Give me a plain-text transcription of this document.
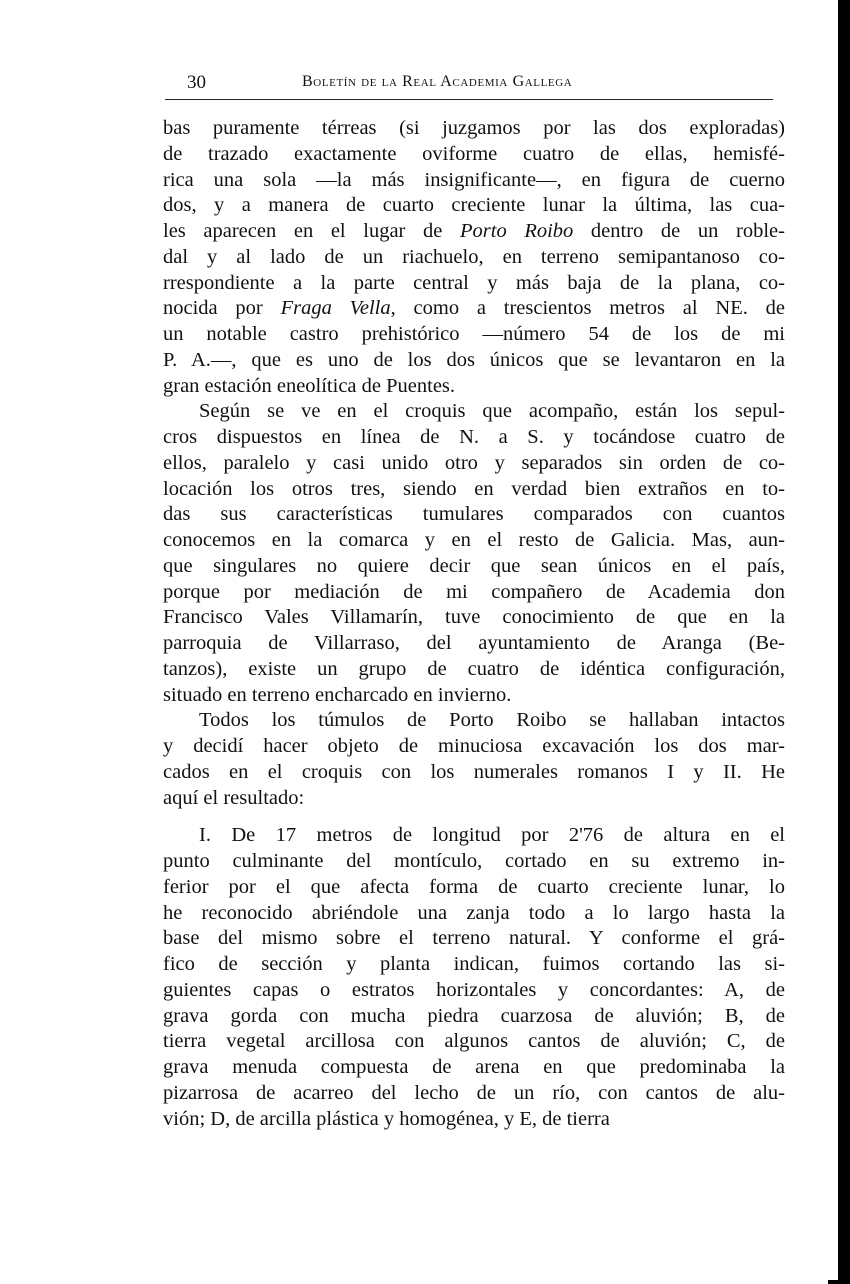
30	Boletín de la Real Academia Gallega
bas puramente térreas (si juzgamos por las dos exploradas)
de trazado exactamente oviforme cuatro de ellas, hemisfé-
rica una sola —la más insignificante—, en figura de cuerno
dos, y a manera de cuarto creciente lunar la última, las cua-
les aparecen en el lugar de Porto Roibo dentro de un roble-
dal y al lado de un riachuelo, en terreno semipantanoso co-
rrespondiente a la parte central y más baja de la plana, co-
nocida por Fraga Vella, como a trescientos metros al NE. de
un notable castro prehistórico —número 54 de los de mi
P. A.—, que es uno de los dos únicos que se levantaron en la
gran estación eneolítica de Puentes.
Según se ve en el croquis que acompaño, están los sepul-
cros dispuestos en línea de N. a S. y tocándose cuatro de
ellos, paralelo y casi unido otro y separados sin orden de co-
locación los otros tres, siendo en verdad bien extraños en to-
das sus características tumulares comparados con cuantos
conocemos en la comarca y en el resto de Galicia. Mas, aun-
que singulares no quiere decir que sean únicos en el país,
porque por mediación de mi compañero de Academia don
Francisco Vales Villamarín, tuve conocimiento de que en la
parroquia de Villarraso, del ayuntamiento de Aranga (Be-
tanzos), existe un grupo de cuatro de idéntica configuración,
situado en terreno encharcado en invierno.
Todos los túmulos de Porto Roibo se hallaban intactos
y decidí hacer objeto de minuciosa excavación los dos mar-
cados en el croquis con los numerales romanos I y II. He
aquí el resultado:
I. De 17 metros de longitud por 2'76 de altura en el
punto culminante del montículo, cortado en su extremo in-
ferior por el que afecta forma de cuarto creciente lunar, lo
he reconocido abriéndole una zanja todo a lo largo hasta la
base del mismo sobre el terreno natural. Y conforme el grá-
fico de sección y planta indican, fuimos cortando las si-
guientes capas o estratos horizontales y concordantes: A, de
grava gorda con mucha piedra cuarzosa de aluvión; B, de
tierra vegetal arcillosa con algunos cantos de aluvión; C, de
grava menuda compuesta de arena en que predominaba la
pizarrosa de acarreo del lecho de un río, con cantos de alu-
vión; D, de arcilla plástica y homogénea, y E, de tierra
